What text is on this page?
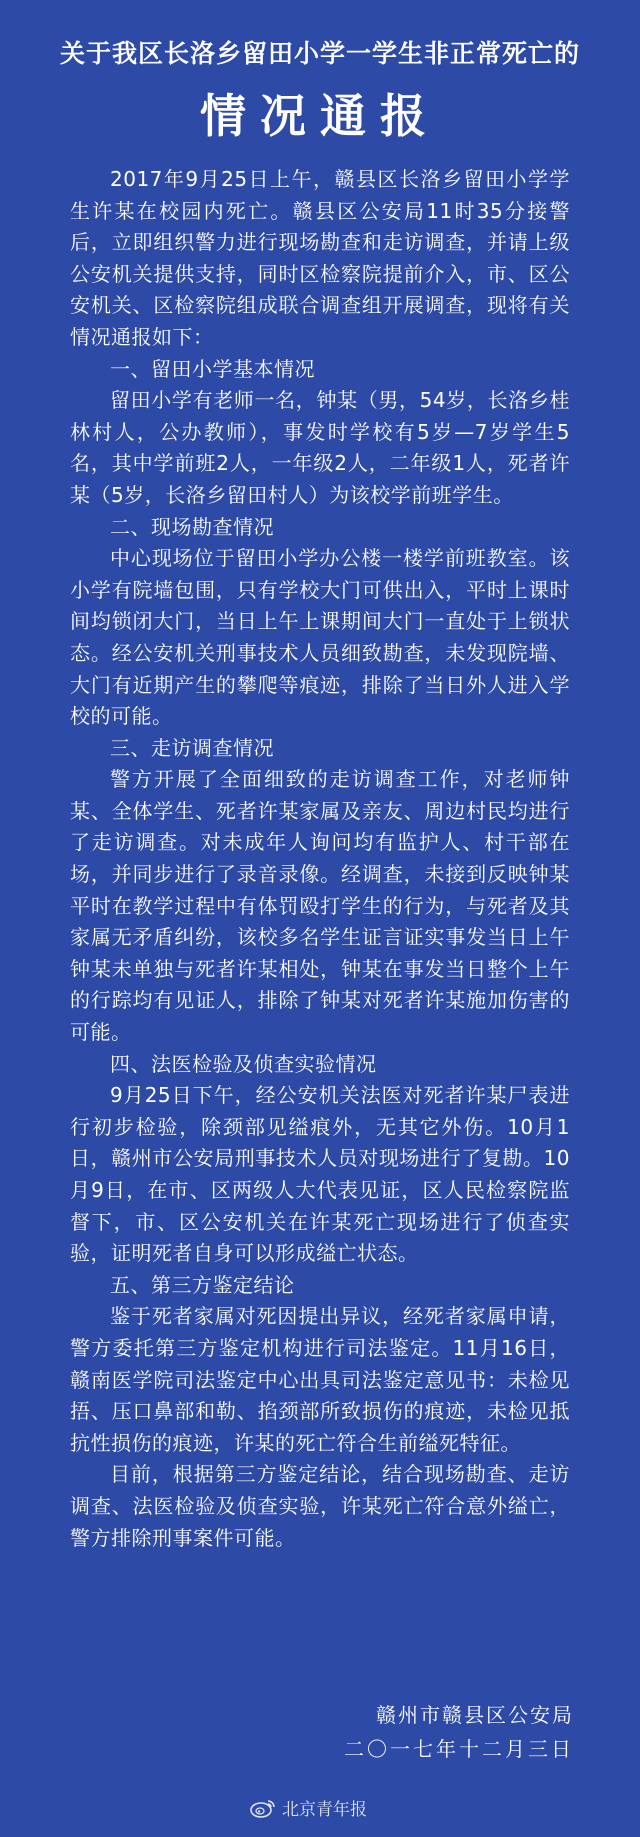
关于我区长洛乡留田小学一学生非正常死亡的
情况通报

2017年9月25日上午，赣县区长洛乡留田小学学生许某在校园内死亡。赣县区公安局11时35分接警后，立即组织警力进行现场勘查和走访调查，并请上级公安机关提供支持，同时区检察院提前介入，市、区公安机关、区检察院组成联合调查组开展调查，现将有关情况通报如下：

一、留田小学基本情况

留田小学有老师一名，钟某（男，54岁，长洛乡桂林村人，公办教师），事发时学校有5岁—7岁学生5名，其中学前班2人，一年级2人，二年级1人，死者许某（5岁，长洛乡留田村人）为该校学前班学生。

二、现场勘查情况

中心现场位于留田小学办公楼一楼学前班教室。该小学有院墙包围，只有学校大门可供出入，平时上课时间均锁闭大门，当日上午上课期间大门一直处于上锁状态。经公安机关刑事技术人员细致勘查，未发现院墙、大门有近期产生的攀爬等痕迹，排除了当日外人进入学校的可能。

三、走访调查情况

警方开展了全面细致的走访调查工作，对老师钟某、全体学生、死者许某家属及亲友、周边村民均进行了走访调查。对未成年人询问均有监护人、村干部在场，并同步进行了录音录像。经调查，未接到反映钟某平时在教学过程中有体罚殴打学生的行为，与死者及其家属无矛盾纠纷，该校多名学生证言证实事发当日上午钟某未单独与死者许某相处，钟某在事发当日整个上午的行踪均有见证人，排除了钟某对死者许某施加伤害的可能。

四、法医检验及侦查实验情况

9月25日下午，经公安机关法医对死者许某尸表进行初步检验，除颈部见缢痕外，无其它外伤。10月1日，赣州市公安局刑事技术人员对现场进行了复勘。10月9日，在市、区两级人大代表见证，区人民检察院监督下，市、区公安机关在许某死亡现场进行了侦查实验，证明死者自身可以形成缢亡状态。

五、第三方鉴定结论

鉴于死者家属对死因提出异议，经死者家属申请，警方委托第三方鉴定机构进行司法鉴定。11月16日，赣南医学院司法鉴定中心出具司法鉴定意见书：未检见捂、压口鼻部和勒、掐颈部所致损伤的痕迹，未检见抵抗性损伤的痕迹，许某的死亡符合生前缢死特征。

目前，根据第三方鉴定结论，结合现场勘查、走访调查、法医检验及侦查实验，许某死亡符合意外缢亡，警方排除刑事案件可能。

赣州市赣县区公安局
二〇一七年十二月三日
北京青年报
